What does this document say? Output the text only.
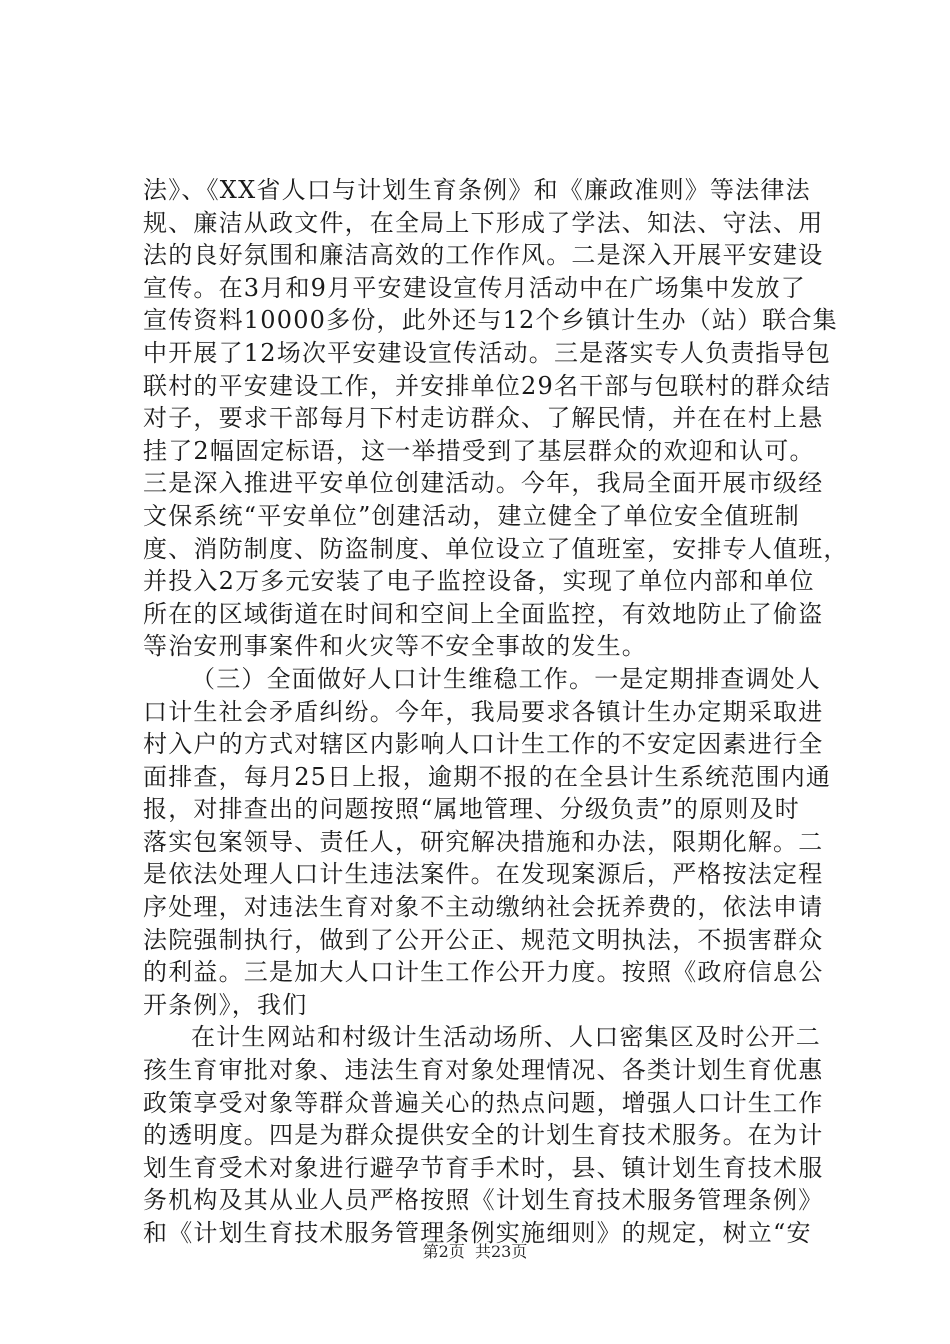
法》、《XX省人口与计划生育条例》和《廉政准则》等法律法
规、廉洁从政文件，在全局上下形成了学法、知法、守法、用
法的良好氛围和廉洁高效的工作作风。二是深入开展平安建设
宣传。在3月和9月平安建设宣传月活动中在广场集中发放了
宣传资料10000多份，此外还与12个乡镇计生办（站）联合集
中开展了12场次平安建设宣传活动。三是落实专人负责指导包
联村的平安建设工作，并安排单位29名干部与包联村的群众结
对子，要求干部每月下村走访群众、了解民情，并在在村上悬
挂了2幅固定标语，这一举措受到了基层群众的欢迎和认可。
三是深入推进平安单位创建活动。今年，我局全面开展市级经
文保系统“平安单位”创建活动，建立健全了单位安全值班制
度、消防制度、防盗制度、单位设立了值班室，安排专人值班，
并投入2万多元安装了电子监控设备，实现了单位内部和单位
所在的区域街道在时间和空间上全面监控，有效地防止了偷盗
等治安刑事案件和火灾等不安全事故的发生。
（三）全面做好人口计生维稳工作。一是定期排查调处人
口计生社会矛盾纠纷。今年，我局要求各镇计生办定期采取进
村入户的方式对辖区内影响人口计生工作的不安定因素进行全
面排查，每月25日上报，逾期不报的在全县计生系统范围内通
报，对排查出的问题按照“属地管理、分级负责”的原则及时
落实包案领导、责任人，研究解决措施和办法，限期化解。二
是依法处理人口计生违法案件。在发现案源后，严格按法定程
序处理，对违法生育对象不主动缴纳社会抚养费的，依法申请
法院强制执行，做到了公开公正、规范文明执法，不损害群众
的利益。三是加大人口计生工作公开力度。按照《政府信息公
开条例》，我们
在计生网站和村级计生活动场所、人口密集区及时公开二
孩生育审批对象、违法生育对象处理情况、各类计划生育优惠
政策享受对象等群众普遍关心的热点问题，增强人口计生工作
的透明度。四是为群众提供安全的计划生育技术服务。在为计
划生育受术对象进行避孕节育手术时，县、镇计划生育技术服
务机构及其从业人员严格按照《计划生育技术服务管理条例》
和《计划生育技术服务管理条例实施细则》的规定，树立“安
第2页  共23页
